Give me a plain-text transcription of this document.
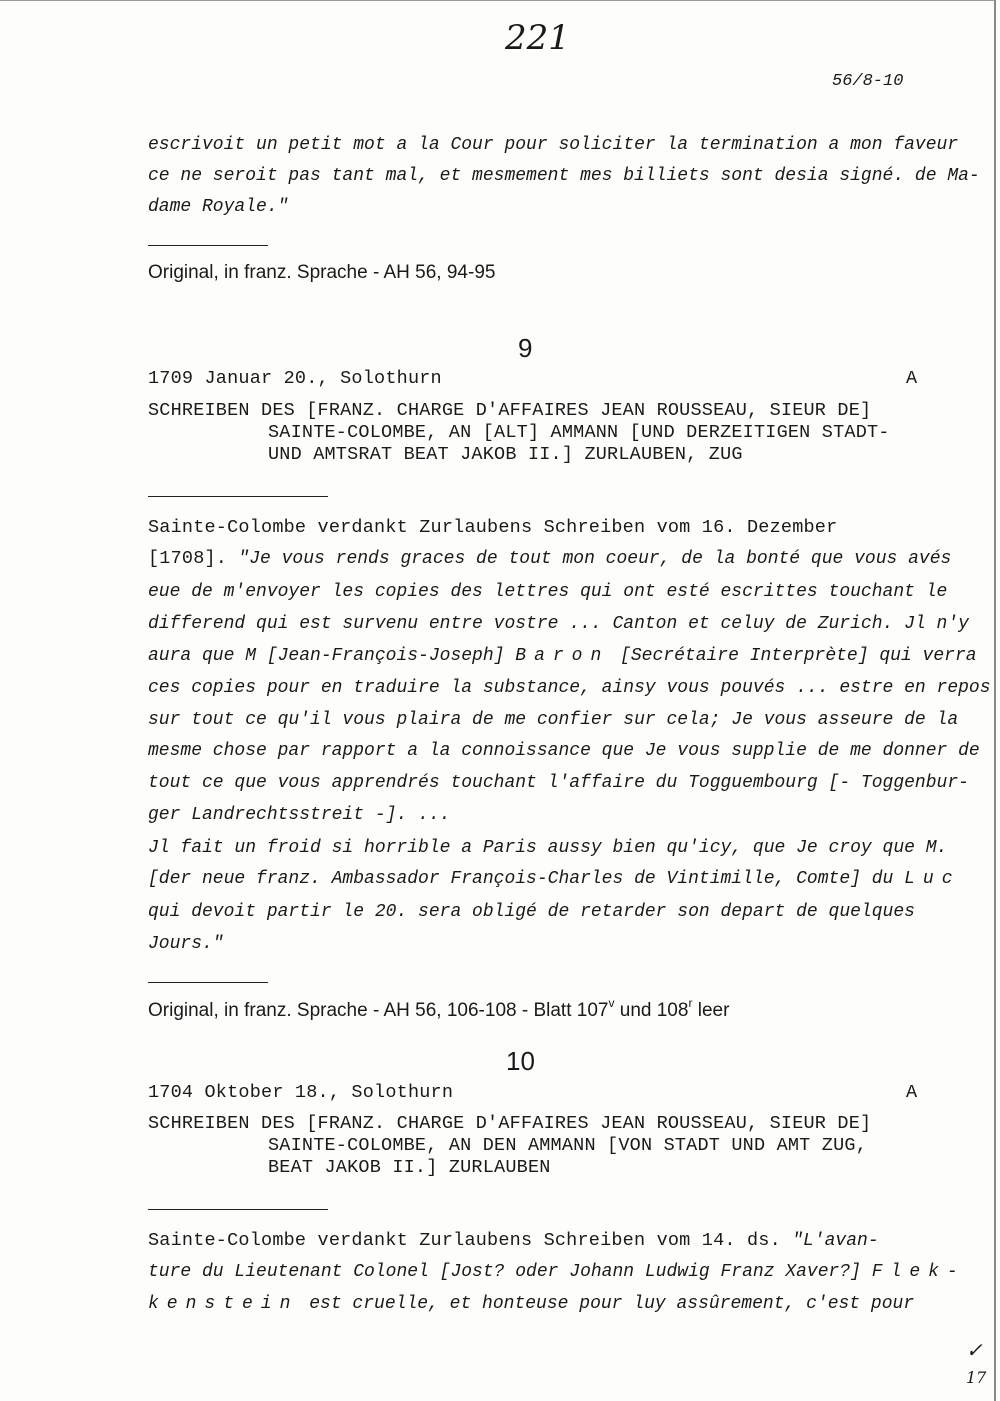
221
56/8-10
escrivoit un petit mot a la Cour pour soliciter la termination a mon faveur
ce ne seroit pas tant mal, et mesmement mes billiets sont desia signé. de Ma-
dame Royale."
Original, in franz. Sprache - AH 56, 94-95
9
1709 Januar 20., Solothurn	A
SCHREIBEN DES [FRANZ. CHARGE D'AFFAIRES JEAN ROUSSEAU, SIEUR DE]
SAINTE-COLOMBE, AN [ALT] AMMANN [UND DERZEITIGEN STADT-
UND AMTSRAT BEAT JAKOB II.] ZURLAUBEN, ZUG
Sainte-Colombe verdankt Zurlaubens Schreiben vom 16. Dezember
[1708]. "Je vous rends graces de tout mon coeur, de la bonté que vous avés
eue de m'envoyer les copies des lettres qui ont esté escrittes touchant le
differend qui est survenu entre vostre ... Canton et celuy de Zurich. Jl n'y
aura que M [Jean-François-Joseph] Baron [Secrétaire Interprète] qui verra
ces copies pour en traduire la substance, ainsy vous pouvés ... estre en repos
sur tout ce qu'il vous plaira de me confier sur cela; Je vous asseure de la
mesme chose par rapport a la connoissance que Je vous supplie de me donner de
tout ce que vous apprendrés touchant l'affaire du Togguembourg [- Toggenbur-
ger Landrechtsstreit -]. ...
Jl fait un froid si horrible a Paris aussy bien qu'icy, que Je croy que M.
[der neue franz. Ambassador François-Charles de Vintimille, Comte] du Luc
qui devoit partir le 20. sera obligé de retarder son depart de quelques
Jours."
Original, in franz. Sprache - AH 56, 106-108 - Blatt 107$^v$ und 108$^r$ leer
10
1704 Oktober 18., Solothurn	A
SCHREIBEN DES [FRANZ. CHARGE D'AFFAIRES JEAN ROUSSEAU, SIEUR DE]
SAINTE-COLOMBE, AN DEN AMMANN [VON STADT UND AMT ZUG,
BEAT JAKOB II.] ZURLAUBEN
Sainte-Colombe verdankt Zurlaubens Schreiben vom 14. ds. "L'avan-
ture du Lieutenant Colonel [Jost? oder Johann Ludwig Franz Xaver?] Flek-
kenstein est cruelle, et honteuse pour luy assûrement, c'est pour
✓
17
